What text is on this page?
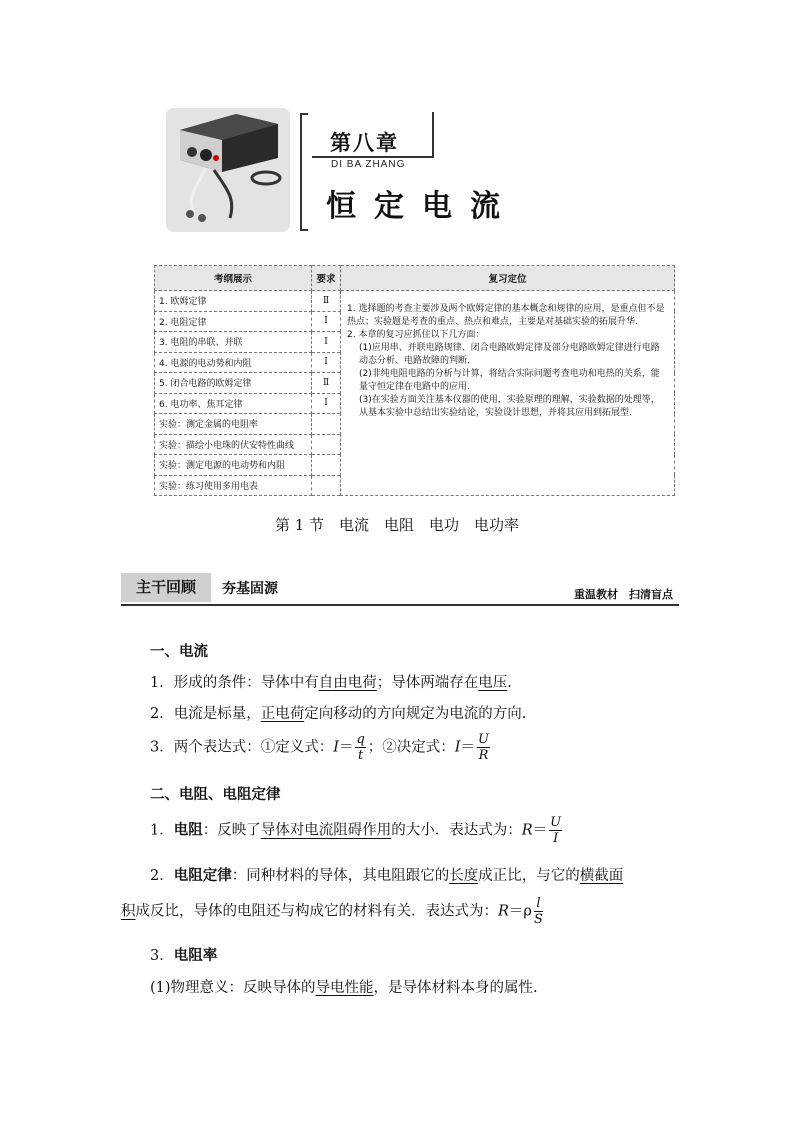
第八章
DI BA ZHANG
恒定电流
考纲展示	要求	复习定位
1. 欧姆定律	Ⅱ	1. 选择题的考查主要涉及两个欧姆定律的基本概念和规律的应用，是重点但不是热点；实验题是考查的重点、热点和难点，主要是对基础实验的拓展升华.
2. 本章的复习应抓住以下几方面：
(1)应用串、并联电路规律、闭合电路欧姆定律及部分电路欧姆定律进行电路动态分析、电路故障的判断.
(2)非纯电阻电路的分析与计算，将结合实际问题考查电功和电热的关系，能量守恒定律在电路中的应用.
(3)在实验方面关注基本仪器的使用，实验原理的理解，实验数据的处理等，从基本实验中总结出实验结论，实验设计思想，并将其应用到拓展型.

2. 电阻定律	Ⅰ	
3. 电阻的串联、并联	Ⅰ	
4. 电源的电动势和内阻	Ⅰ	
5. 闭合电路的欧姆定律	Ⅱ	
6. 电功率、焦耳定律	Ⅰ	
实验：测定金属的电阻率		
实验：描绘小电珠的伏安特性曲线		
实验：测定电源的电动势和内阻		
实验：练习使用多用电表		
第 1 节　电流　电阻　电功　电功率
主干回顾	夯基固源	重温教材　扫清盲点
一、电流
1．形成的条件：导体中有自由电荷；导体两端存在电压.
2．电流是标量，正电荷定向移动的方向规定为电流的方向.
3．两个表达式：①定义式：$I= \frac{q}{t}$ ；②决定式：$I= \frac{U}{R}$
二、电阻、电阻定律
1．电阻：反映了导体对电流阻碍作用的大小．表达式为：$R= \frac{U}{I}$
2．电阻定律：同种材料的导体，其电阻跟它的长度成正比，与它的横截面
积成反比，导体的电阻还与构成它的材料有关．表达式为：$R=\rho \frac{l}{S}$
3．电阻率
(1)物理意义：反映导体的导电性能，是导体材料本身的属性.
